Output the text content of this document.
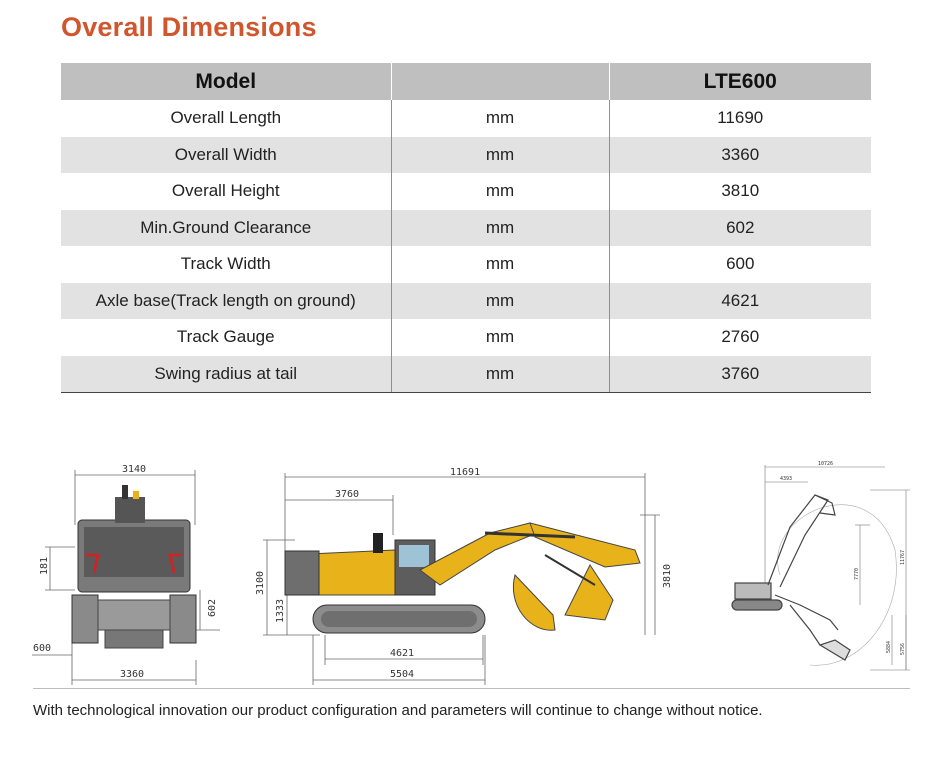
Overall Dimensions
Model		LTE600
Overall Length	mm	11690
Overall Width	mm	3360
Overall Height	mm	3810
Min.Ground Clearance	mm	602
Track Width	mm	600
Axle base(Track length on ground)	mm	4621
Track Gauge	mm	2760
Swing radius at tail	mm	3760
3140
181
602
600
3360
11691
3760
3100
1333
3810
4621
5504
10726
4393
7770
11767
5884 5756
With technological innovation our product configuration and parameters will continue to change without notice.
